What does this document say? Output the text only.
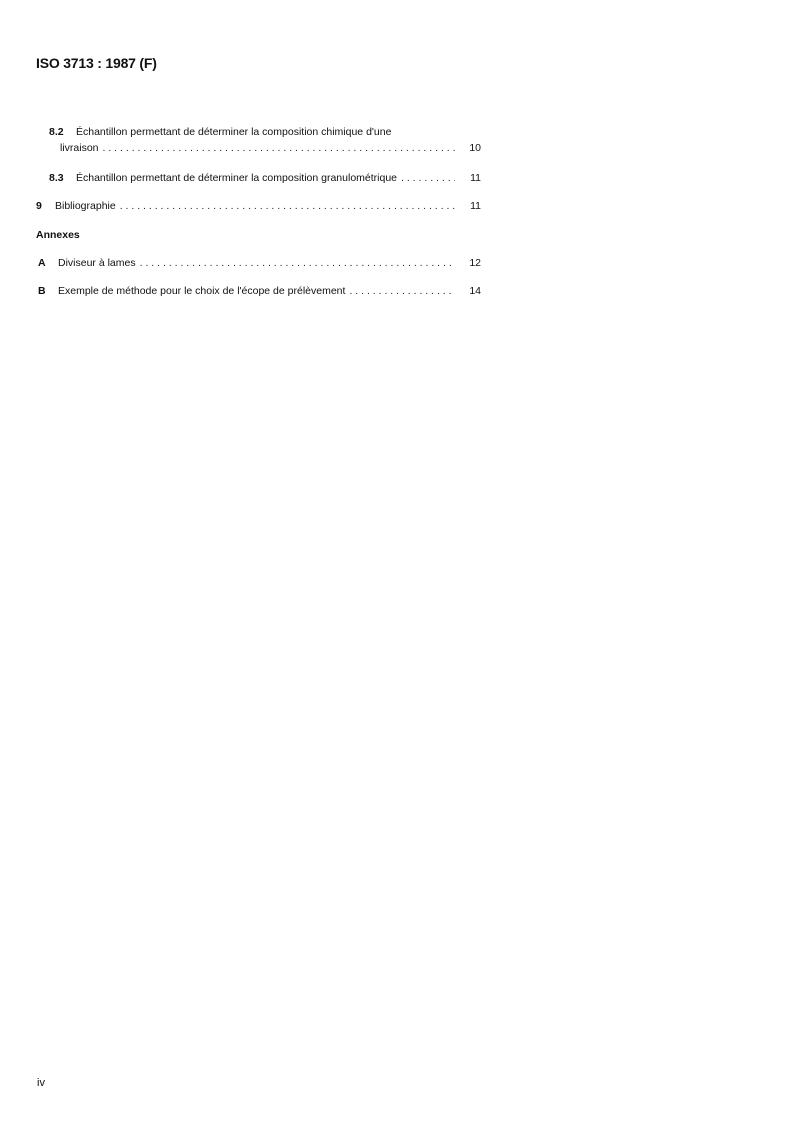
ISO 3713 : 1987 (F)
8.2 Échantillon permettant de déterminer la composition chimique d'une
livraison . . .	10
8.3 Échantillon permettant de déterminer la composition granulométrique . . .	11
9 Bibliographie . . .	11
Annexes
A Diviseur à lames . . .	12
B Exemple de méthode pour le choix de l'écope de prélèvement . . .	14
iv
